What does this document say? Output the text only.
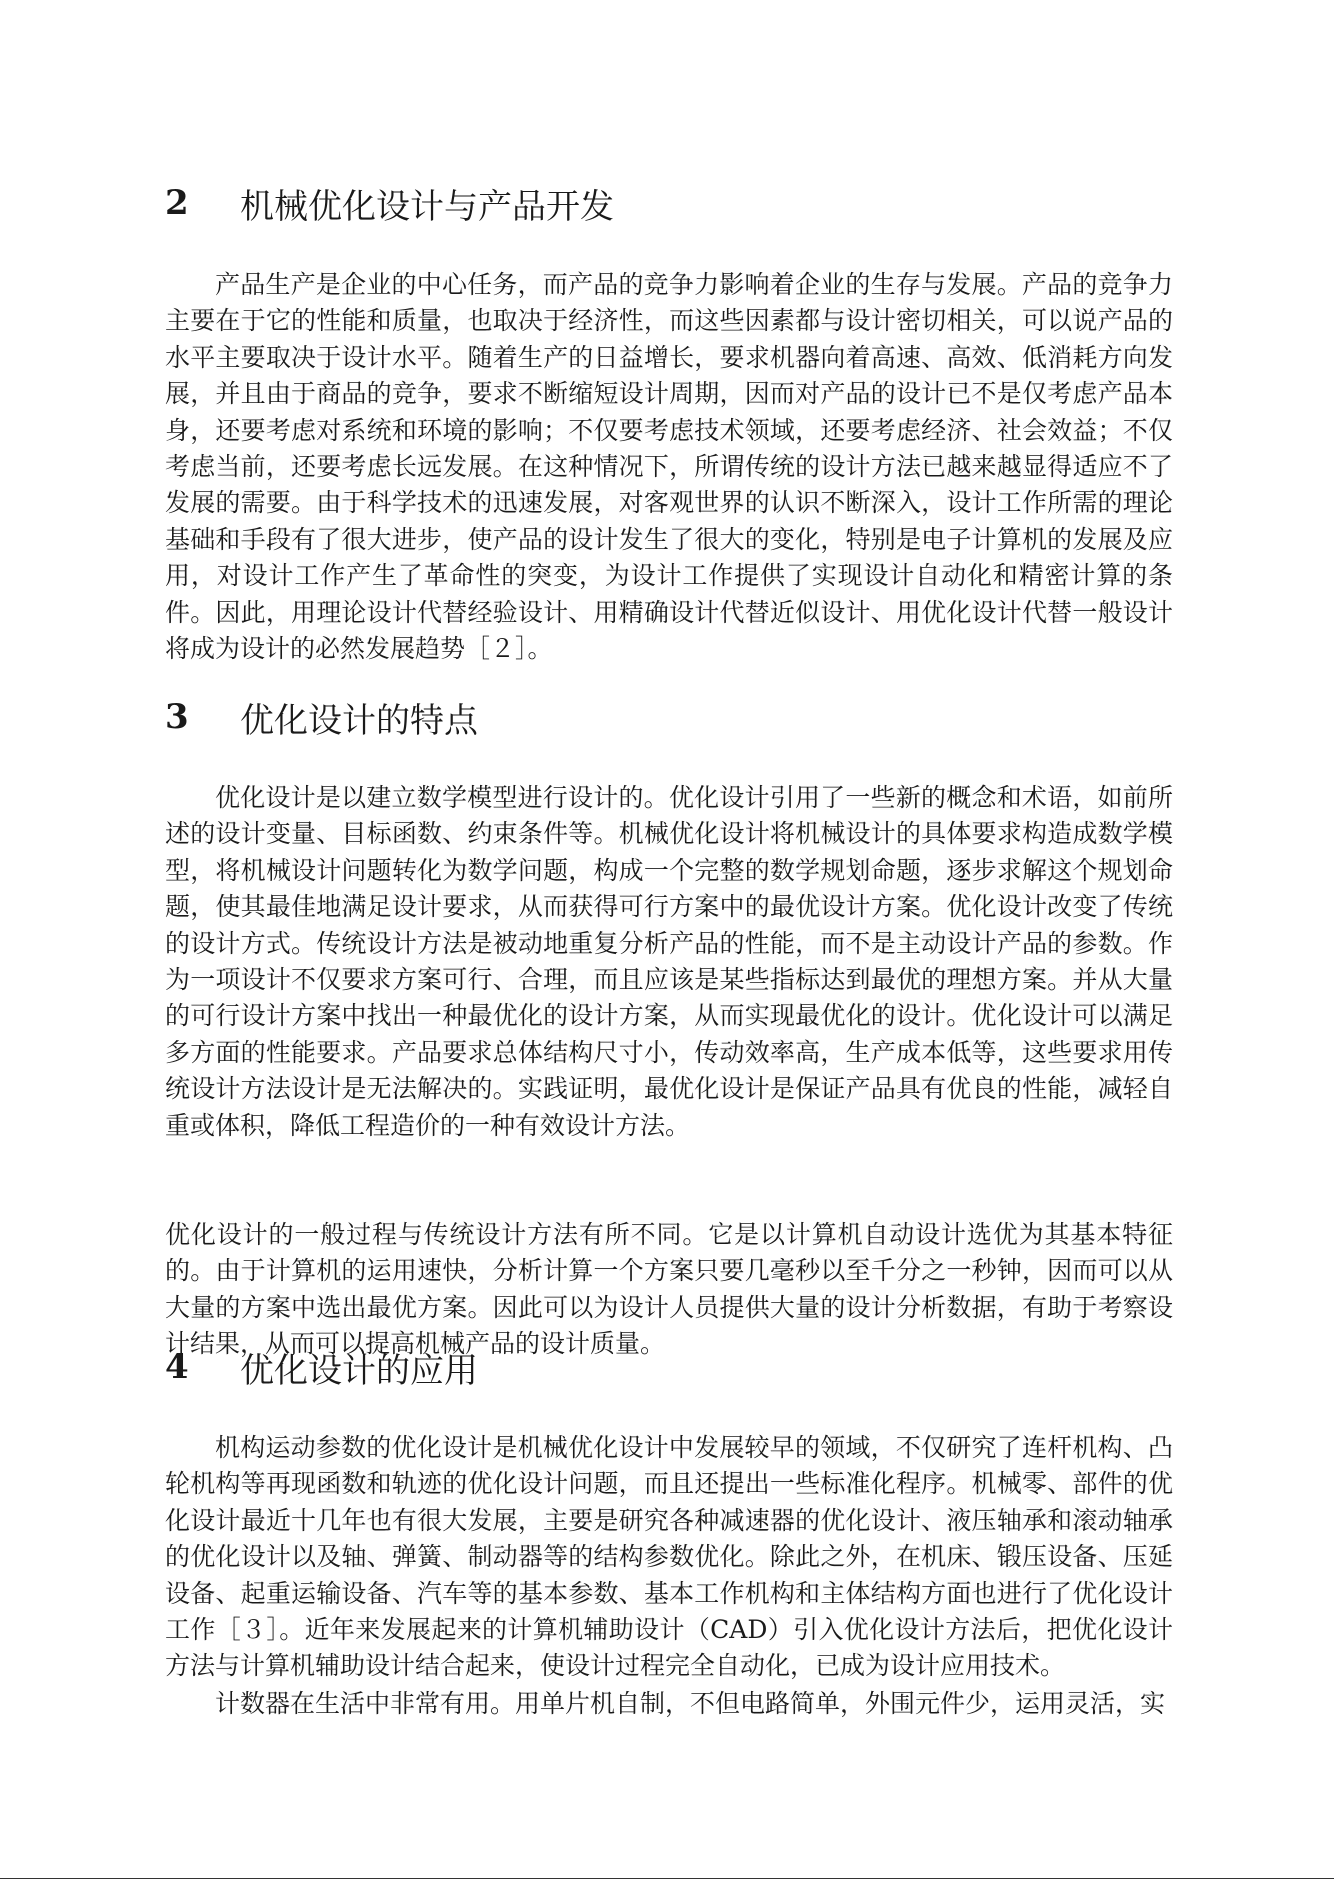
2	机械优化设计与产品开发

产品生产是企业的中心任务，而产品的竞争力影响着企业的生存与发展。产品的竞争力主要在于它的性能和质量，也取决于经济性，而这些因素都与设计密切相关，可以说产品的水平主要取决于设计水平。随着生产的日益增长，要求机器向着高速、高效、低消耗方向发展，并且由于商品的竞争，要求不断缩短设计周期，因而对产品的设计已不是仅考虑产品本身，还要考虑对系统和环境的影响；不仅要考虑技术领域，还要考虑经济、社会效益；不仅考虑当前，还要考虑长远发展。在这种情况下，所谓传统的设计方法已越来越显得适应不了发展的需要。由于科学技术的迅速发展，对客观世界的认识不断深入，设计工作所需的理论基础和手段有了很大进步，使产品的设计发生了很大的变化，特别是电子计算机的发展及应用，对设计工作产生了革命性的突变，为设计工作提供了实现设计自动化和精密计算的条件。因此，用理论设计代替经验设计、用精确设计代替近似设计、用优化设计代替一般设计将成为设计的必然发展趋势［２］。

3	优化设计的特点

优化设计是以建立数学模型进行设计的。优化设计引用了一些新的概念和术语，如前所述的设计变量、目标函数、约束条件等。机械优化设计将机械设计的具体要求构造成数学模型，将机械设计问题转化为数学问题，构成一个完整的数学规划命题，逐步求解这个规划命题，使其最佳地满足设计要求，从而获得可行方案中的最优设计方案。优化设计改变了传统的设计方式。传统设计方法是被动地重复分析产品的性能，而不是主动设计产品的参数。作为一项设计不仅要求方案可行、合理，而且应该是某些指标达到最优的理想方案。并从大量的可行设计方案中找出一种最优化的设计方案，从而实现最优化的设计。优化设计可以满足多方面的性能要求。产品要求总体结构尺寸小，传动效率高，生产成本低等，这些要求用传统设计方法设计是无法解决的。实践证明，最优化设计是保证产品具有优良的性能，减轻自重或体积，降低工程造价的一种有效设计方法。

优化设计的一般过程与传统设计方法有所不同。它是以计算机自动设计选优为其基本特征的。由于计算机的运用速快，分析计算一个方案只要几毫秒以至千分之一秒钟，因而可以从大量的方案中选出最优方案。因此可以为设计人员提供大量的设计分析数据，有助于考察设计结果，从而可以提高机械产品的设计质量。

4	优化设计的应用

机构运动参数的优化设计是机械优化设计中发展较早的领域，不仅研究了连杆机构、凸轮机构等再现函数和轨迹的优化设计问题，而且还提出一些标准化程序。机械零、部件的优化设计最近十几年也有很大发展，主要是研究各种减速器的优化设计、液压轴承和滚动轴承的优化设计以及轴、弹簧、制动器等的结构参数优化。除此之外，在机床、锻压设备、压延设备、起重运输设备、汽车等的基本参数、基本工作机构和主体结构方面也进行了优化设计工作［３］。近年来发展起来的计算机辅助设计（CAD）引入优化设计方法后，把优化设计方法与计算机辅助设计结合起来，使设计过程完全自动化，已成为设计应用技术。

计数器在生活中非常有用。用单片机自制，不但电路简单，外围元件少，运用灵活，实
